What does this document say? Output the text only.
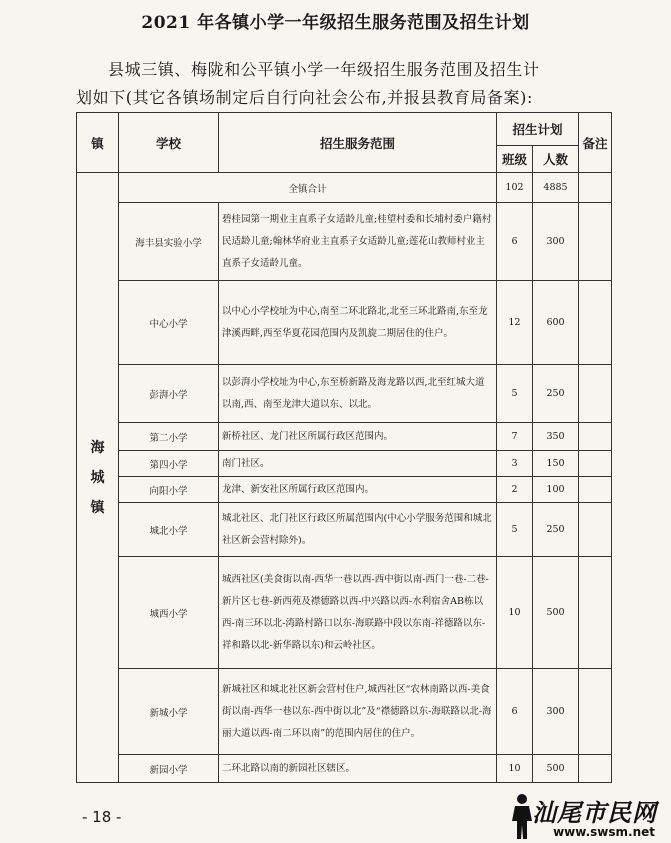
2021 年各镇小学一年级招生服务范围及招生计划
县城三镇、梅陇和公平镇小学一年级招生服务范围及招生计
划如下(其它各镇场制定后自行向社会公布,并报县教育局备案):
镇	学校	招生服务范围	招生计划		备注
			班级	人数	

海
城
镇	全镇合计		102	4885	
	海丰县实验小学	碧桂园第一期业主直系子女适龄儿童;桂望村委和长埔村委户籍村民适龄儿童;翰林华府业主直系子女适龄儿童;莲花山教师村业主直系子女适龄儿童。	6	300	
	中心小学	以中心小学校址为中心,南至二环北路北,北至三环北路南,东至龙津溪西畔,西至华夏花园范围内及凯旋二期居住的住户。	12	600	
	彭湃小学	以彭湃小学校址为中心,东至桥新路及海龙路以西,北至红城大道以南,西、南至龙津大道以东、以北。	5	250	
	第二小学	新桥社区、龙门社区所属行政区范围内。	7	350	
	第四小学	南门社区。	3	150	
	向阳小学	龙津、新安社区所属行政区范围内。	2	100	
	城北小学	城北社区、北门社区行政区所属范围内(中心小学服务范围和城北社区新会营村除外)。	5	250	
	城西小学	城西社区(美食街以南-西华一巷以西-西中街以南-西门一巷-二巷-新片区七巷-新西苑及襟德路以西-中兴路以西-水利宿舍AB栋以西-南三环以北-湾路村路口以东-海联路中段以东南-祥德路以东-祥和路以北-新华路以东)和云岭社区。	10	500	
	新城小学	新城社区和城北社区新会营村住户,城西社区“农林南路以西-美食街以南-西华一巷以东-西中街以北”及“襟德路以东-海联路以北-海丽大道以西-南二环以南”的范围内居住的住户。	6	300	
	新园小学	二环北路以南的新园社区辖区。	10	500	
- 18 -	汕尾市民网
www.swsm.net
